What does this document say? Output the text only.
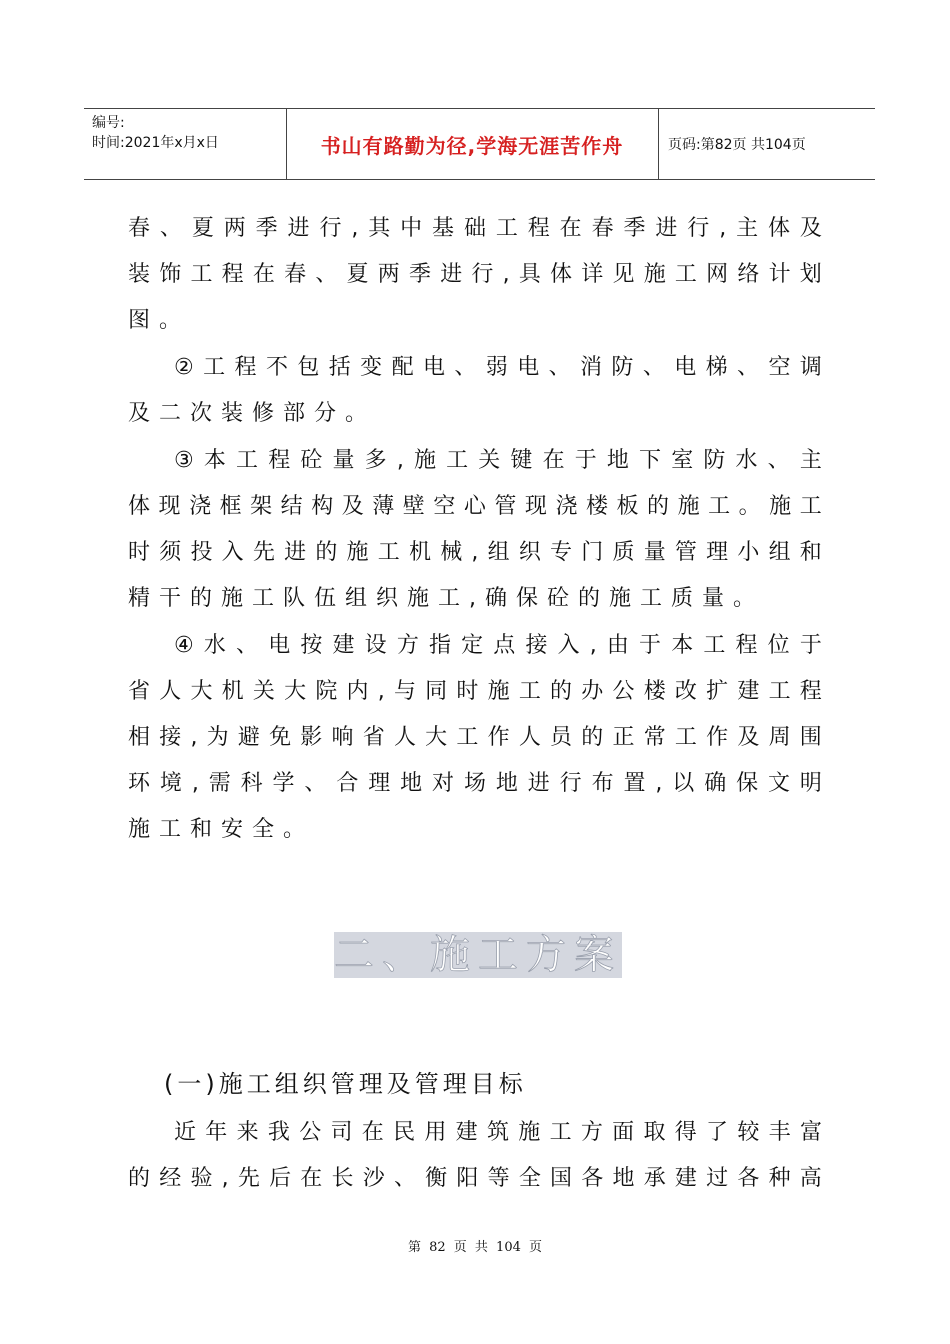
编号:
时间:2021年x月x日	书山有路勤为径,学海无涯苦作舟	页码:第82页 共104页
春 、 夏 两 季 进 行 , 其 中 基 础 工 程 在 春 季 进 行 , 主 体 及
装 饰 工 程 在 春 、 夏 两 季 进 行 , 具 体 详 见 施 工 网 络 计 划
图。
② 工 程 不 包 括 变 配 电 、 弱 电 、 消 防 、 电 梯 、 空 调
及二次装修部分。
③ 本 工 程 砼 量 多 , 施 工 关 键 在 于 地 下 室 防 水 、 主
体 现 浇 框 架 结 构 及 薄 壁 空 心 管 现 浇 楼 板 的 施 工 。 施 工
时 须 投 入 先 进 的 施 工 机 械 , 组 织 专 门 质 量 管 理 小 组 和
精干的施工队伍组织施工,确保砼的施工质量。
④ 水 、 电 按 建 设 方 指 定 点 接 入 , 由 于 本 工 程 位 于
省 人 大 机 关 大 院 内 , 与 同 时 施 工 的 办 公 楼 改 扩 建 工 程
相 接 , 为 避 免 影 响 省 人 大 工 作 人 员 的 正 常 工 作 及 周 围
环 境 , 需 科 学 、 合 理 地 对 场 地 进 行 布 置 , 以 确 保 文 明
施工和安全。
二、施工方案
(一)施工组织管理及管理目标
近 年 来 我 公 司 在 民 用 建 筑 施 工 方 面 取 得 了 较 丰 富
的 经 验 , 先 后 在 长 沙 、 衡 阳 等 全 国 各 地 承 建 过 各 种 高
第 82 页 共 104 页
